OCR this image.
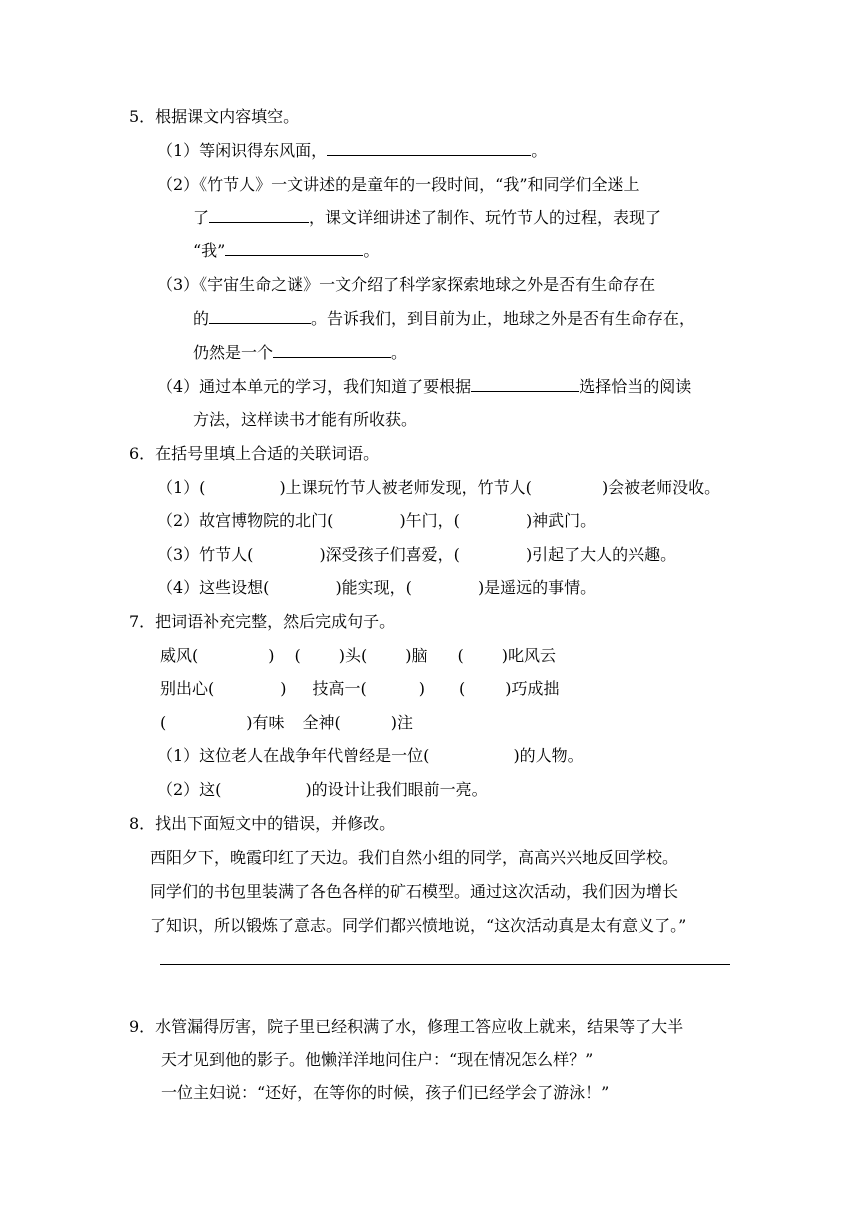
5．根据课文内容填空。
（1）等闲识得东风面，	。
（2）《竹节人》一文讲述的是童年的一段时间，“我”和同学们全迷上
了	，课文详细讲述了制作、玩竹节人的过程，表现了
“我”	。
（3）《宇宙生命之谜》一文介绍了科学家探索地球之外是否有生命存在
的	。告诉我们，到目前为止，地球之外是否有生命存在，
仍然是一个	。
（4）通过本单元的学习，我们知道了要根据	选择恰当的阅读
方法，这样读书才能有所收获。
6．在括号里填上合适的关联词语。
（1）(	)上课玩竹节人被老师发现，竹节人(	)会被老师没收。
（2）故宫博物院的北门(	)午门，(	)神武门。
（3）竹节人(	)深受孩子们喜爱，(	)引起了大人的兴趣。
（4）这些设想(	)能实现，(	)是遥远的事情。
7．把词语补充完整，然后完成句子。
威风(	) ( )头( )脑 ( )叱风云
别出心(	) 技高一(	) (	)巧成拙
(	)有味 全神(	)注
（1）这位老人在战争年代曾经是一位(	)的人物。
（2）这(	)的设计让我们眼前一亮。
8．找出下面短文中的错误，并修改。
西阳夕下，晚霞印红了天边。我们自然小组的同学，高高兴兴地反回学校。
同学们的书包里装满了各色各样的矿石模型。通过这次活动，我们因为增长
了知识，所以锻炼了意志。同学们都兴愤地说，“这次活动真是太有意义了。”
9．水管漏得厉害，院子里已经积满了水，修理工答应收上就来，结果等了大半
天才见到他的影子。他懒洋洋地问住户：“现在情况怎么样？”
一位主妇说：“还好，在等你的时候，孩子们已经学会了游泳！”
